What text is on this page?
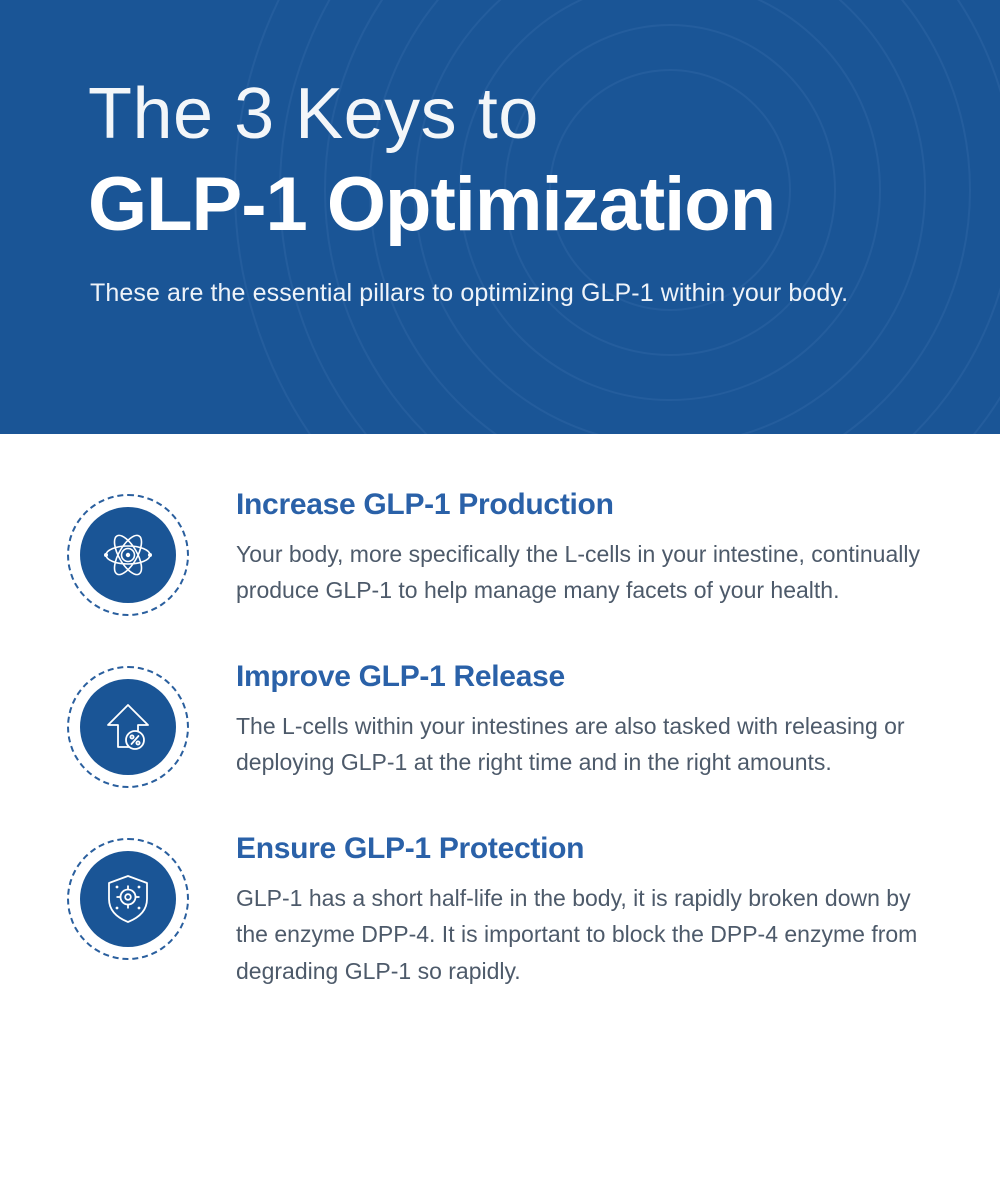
The 3 Keys to
GLP-1 Optimization

These are the essential pillars to optimizing GLP-1 within your body.

Increase GLP-1 Production

Your body, more specifically the L-cells in your intestine, continually produce GLP-1 to help manage many facets of your health.

Improve GLP-1 Release

The L-cells within your intestines are also tasked with releasing or deploying GLP-1 at the right time and in the right amounts.

Ensure GLP-1 Protection

GLP-1 has a short half-life in the body, it is rapidly broken down by the enzyme DPP-4. It is important to block the DPP-4 enzyme from degrading GLP-1 so rapidly.
